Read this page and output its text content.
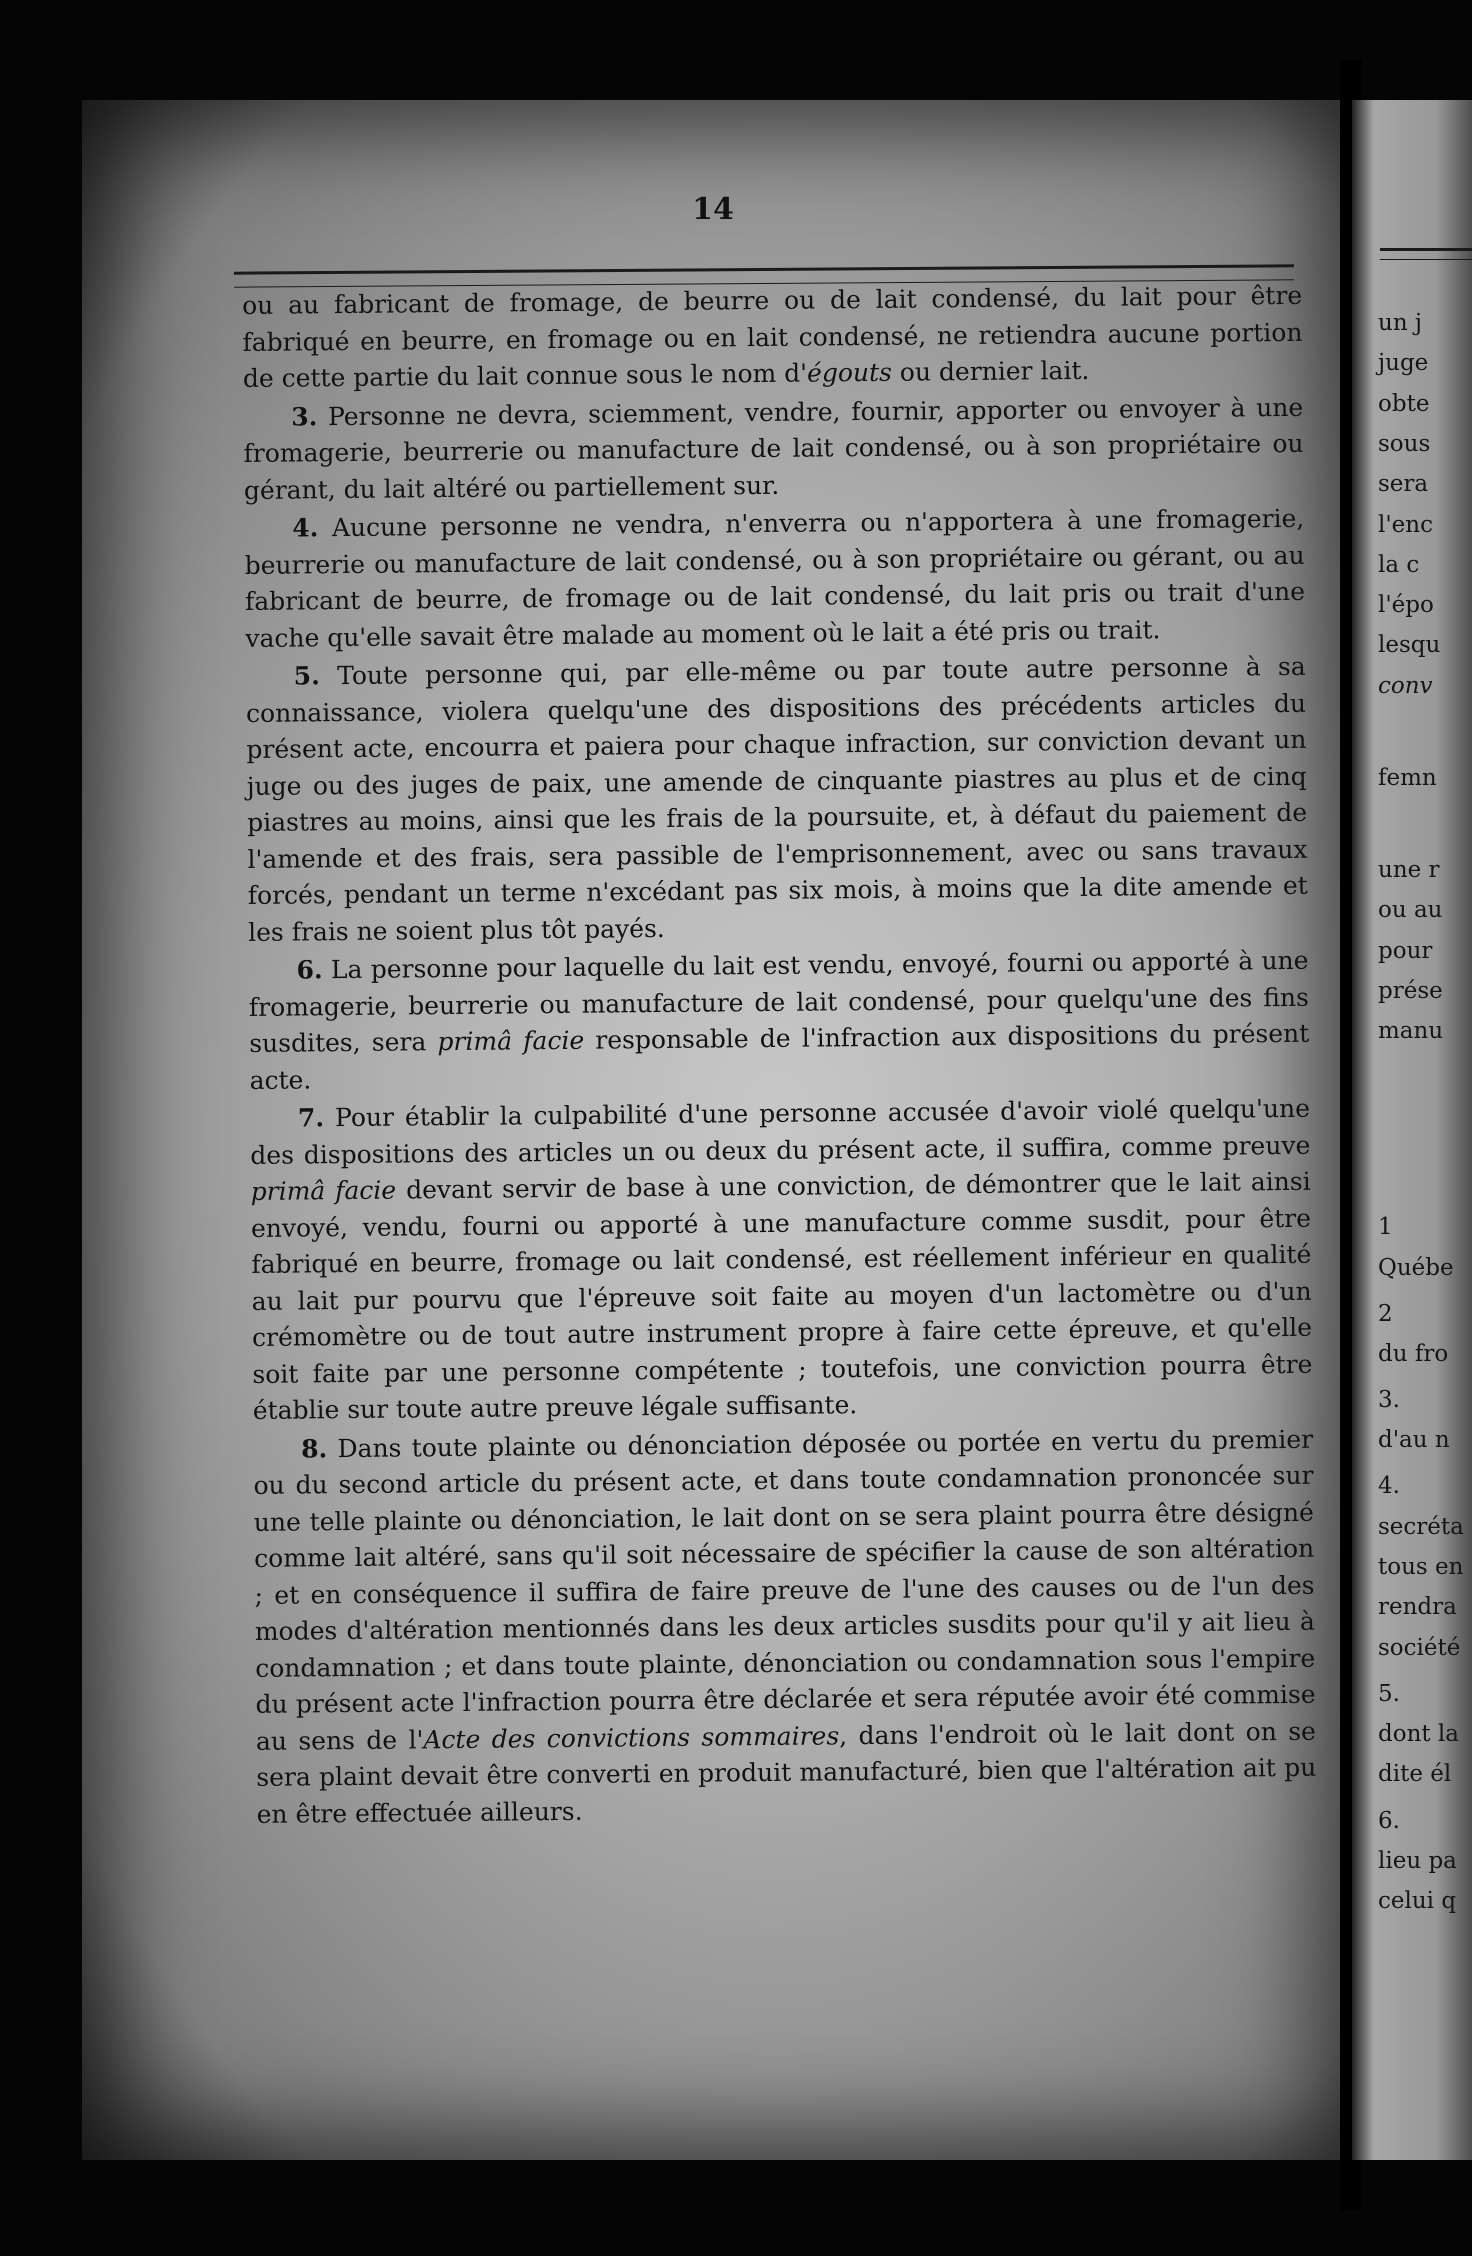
14

ou au fabricant de fromage, de beurre ou de lait condensé, du lait pour être fabriqué en beurre, en fromage ou en lait condensé, ne retiendra aucune portion de cette partie du lait connue sous le nom d'égouts ou dernier lait.

3. Personne ne devra, sciemment, vendre, fournir, apporter ou envoyer à une fromagerie, beurrerie ou manufacture de lait condensé, ou à son propriétaire ou gérant, du lait altéré ou partiellement sur.

4. Aucune personne ne vendra, n'enverra ou n'apportera à une fromagerie, beurrerie ou manufacture de lait condensé, ou à son propriétaire ou gérant, ou au fabricant de beurre, de fromage ou de lait condensé, du lait pris ou trait d'une vache qu'elle savait être malade au moment où le lait a été pris ou trait.

5. Toute personne qui, par elle-même ou par toute autre personne à sa connaissance, violera quelqu'une des dispositions des précédents articles du présent acte, encourra et paiera pour chaque infraction, sur conviction devant un juge ou des juges de paix, une amende de cinquante piastres au plus et de cinq piastres au moins, ainsi que les frais de la poursuite, et, à défaut du paiement de l'amende et des frais, sera passible de l'emprisonnement, avec ou sans travaux forcés, pendant un terme n'excédant pas six mois, à moins que la dite amende et les frais ne soient plus tôt payés.

6. La personne pour laquelle du lait est vendu, envoyé, fourni ou apporté à une fromagerie, beurrerie ou manufacture de lait condensé, pour quelqu'une des fins susdites, sera primâ facie responsable de l'infraction aux dispositions du présent acte.

7. Pour établir la culpabilité d'une personne accusée d'avoir violé quelqu'une des dispositions des articles un ou deux du présent acte, il suffira, comme preuve primâ facie devant servir de base à une conviction, de démontrer que le lait ainsi envoyé, vendu, fourni ou apporté à une manufacture comme susdit, pour être fabriqué en beurre, fromage ou lait condensé, est réellement inférieur en qualité au lait pur pourvu que l'épreuve soit faite au moyen d'un lactomètre ou d'un crémomètre ou de tout autre instrument propre à faire cette épreuve, et qu'elle soit faite par une personne compétente ; toutefois, une conviction pourra être établie sur toute autre preuve légale suffisante.

8. Dans toute plainte ou dénonciation déposée ou portée en vertu du premier ou du second article du présent acte, et dans toute condamnation prononcée sur une telle plainte ou dénonciation, le lait dont on se sera plaint pourra être désigné comme lait altéré, sans qu'il soit nécessaire de spécifier la cause de son altération ; et en conséquence il suffira de faire preuve de l'une des causes ou de l'un des modes d'altération mentionnés dans les deux articles susdits pour qu'il y ait lieu à condamnation ; et dans toute plainte, dénonciation ou condamnation sous l'empire du présent acte l'infraction pourra être déclarée et sera réputée avoir été commise au sens de l'Acte des convictions sommaires, dans l'endroit où le lait dont on se sera plaint devait être converti en produit manufacturé, bien que l'altération ait pu en être effectuée ailleurs.

un j
juge
obte
sous
sera
l'enc
la c
l'épo
lesqu
conv
femn
une r
ou au
pour
prése
manu
1
Québe
2
du fro
3.
d'au n
4.
secréta
tous en
rendra
société
5.
dont la
dite él
6.
lieu pa
celui q
